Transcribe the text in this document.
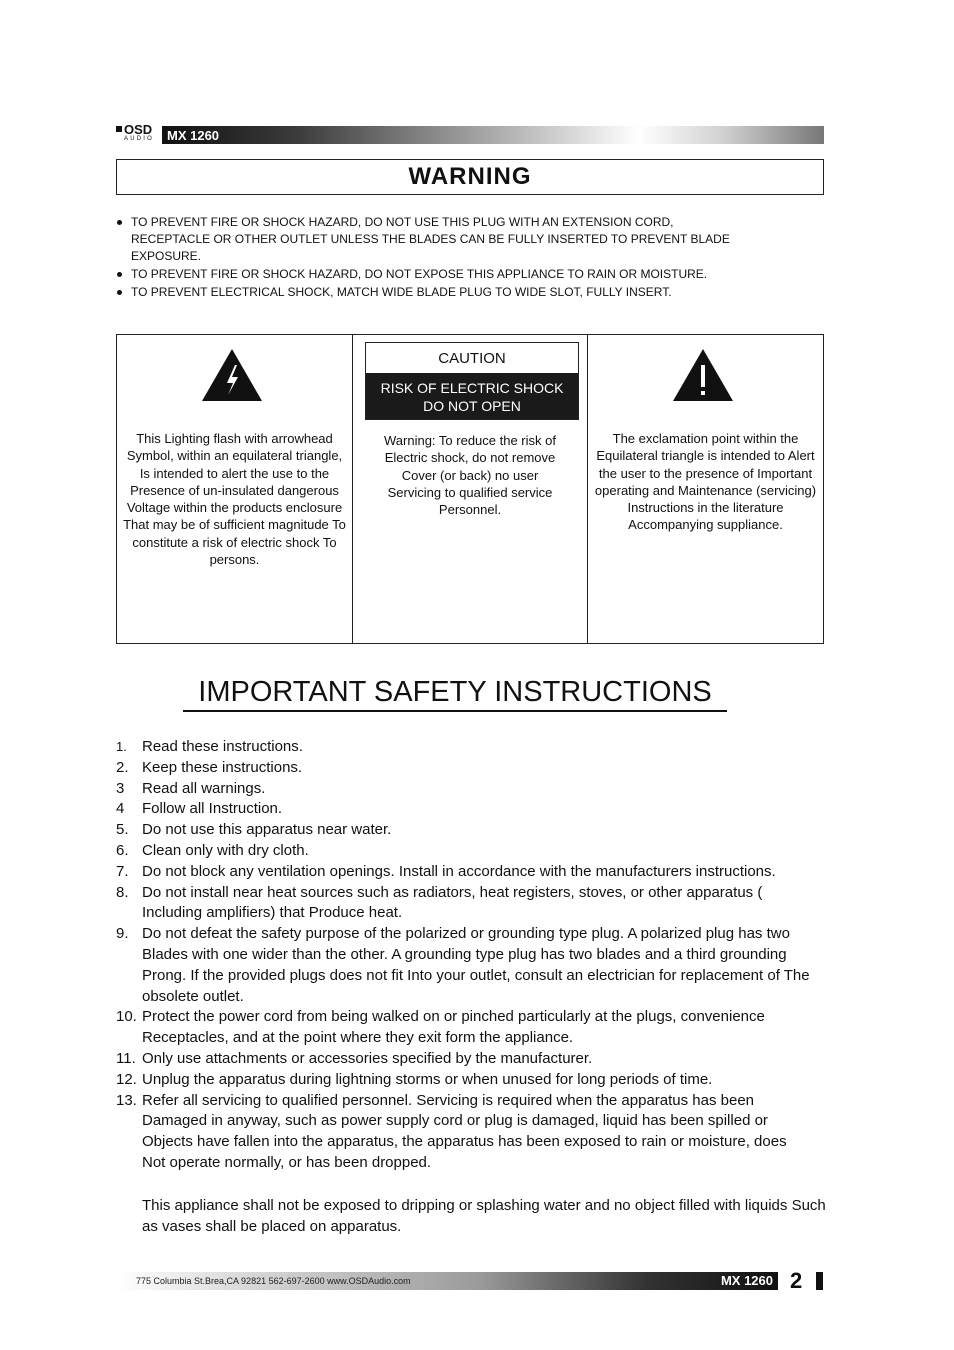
OSD
AUDIO MX 1260
WARNING
TO PREVENT FIRE OR SHOCK HAZARD, DO NOT USE THIS PLUG WITH AN EXTENSION CORD, RECEPTACLE OR OTHER OUTLET UNLESS THE BLADES CAN BE FULLY INSERTED TO PREVENT BLADE EXPOSURE.
TO PREVENT FIRE OR SHOCK HAZARD, DO NOT EXPOSE THIS APPLIANCE TO RAIN OR MOISTURE.
TO PREVENT ELECTRICAL SHOCK, MATCH WIDE BLADE PLUG TO WIDE SLOT, FULLY INSERT.
This Lighting flash with arrowhead Symbol, within an equilateral triangle, Is intended to alert the use to the Presence of un-insulated dangerous Voltage within the products enclosure That may be of sufficient magnitude To constitute a risk of electric shock To persons.
CAUTION
RISK OF ELECTRIC SHOCK
DO NOT OPEN
Warning: To reduce the risk of Electric shock, do not remove Cover (or back) no user Servicing to qualified service Personnel.
The exclamation point within the Equilateral triangle is intended to Alert the user to the presence of Important operating and Maintenance (servicing) Instructions in the literature Accompanying suppliance.
IMPORTANT SAFETY INSTRUCTIONS
1. Read these instructions.
2. Keep these instructions.
3 Read all warnings.
4 Follow all Instruction.
5. Do not use this apparatus near water.
6. Clean only with dry cloth.
7. Do not block any ventilation openings. Install in accordance with the manufacturers instructions.
8. Do not install near heat sources such as radiators, heat registers, stoves, or other apparatus ( Including amplifiers) that Produce heat.
9. Do not defeat the safety purpose of the polarized or grounding type plug. A polarized plug has two Blades with one wider than the other. A grounding type plug has two blades and a third grounding Prong. If the provided plugs does not fit Into your outlet, consult an electrician for replacement of The obsolete outlet.
10. Protect the power cord from being walked on or pinched particularly at the plugs, convenience Receptacles, and at the point where they exit form the appliance.
11. Only use attachments or accessories specified by the manufacturer.
12. Unplug the apparatus during lightning storms or when unused for long periods of time.
13. Refer all servicing to qualified personnel. Servicing is required when the apparatus has been Damaged in anyway, such as power supply cord or plug is damaged, liquid has been spilled or Objects have fallen into the apparatus, the apparatus has been exposed to rain or moisture, does Not operate normally, or has been dropped.
This appliance shall not be exposed to dripping or splashing water and no object filled with liquids Such as vases shall be placed on apparatus.
775 Columbia St.Brea,CA 92821 562-697-2600 www.OSDAudio.com	MX 1260 2
